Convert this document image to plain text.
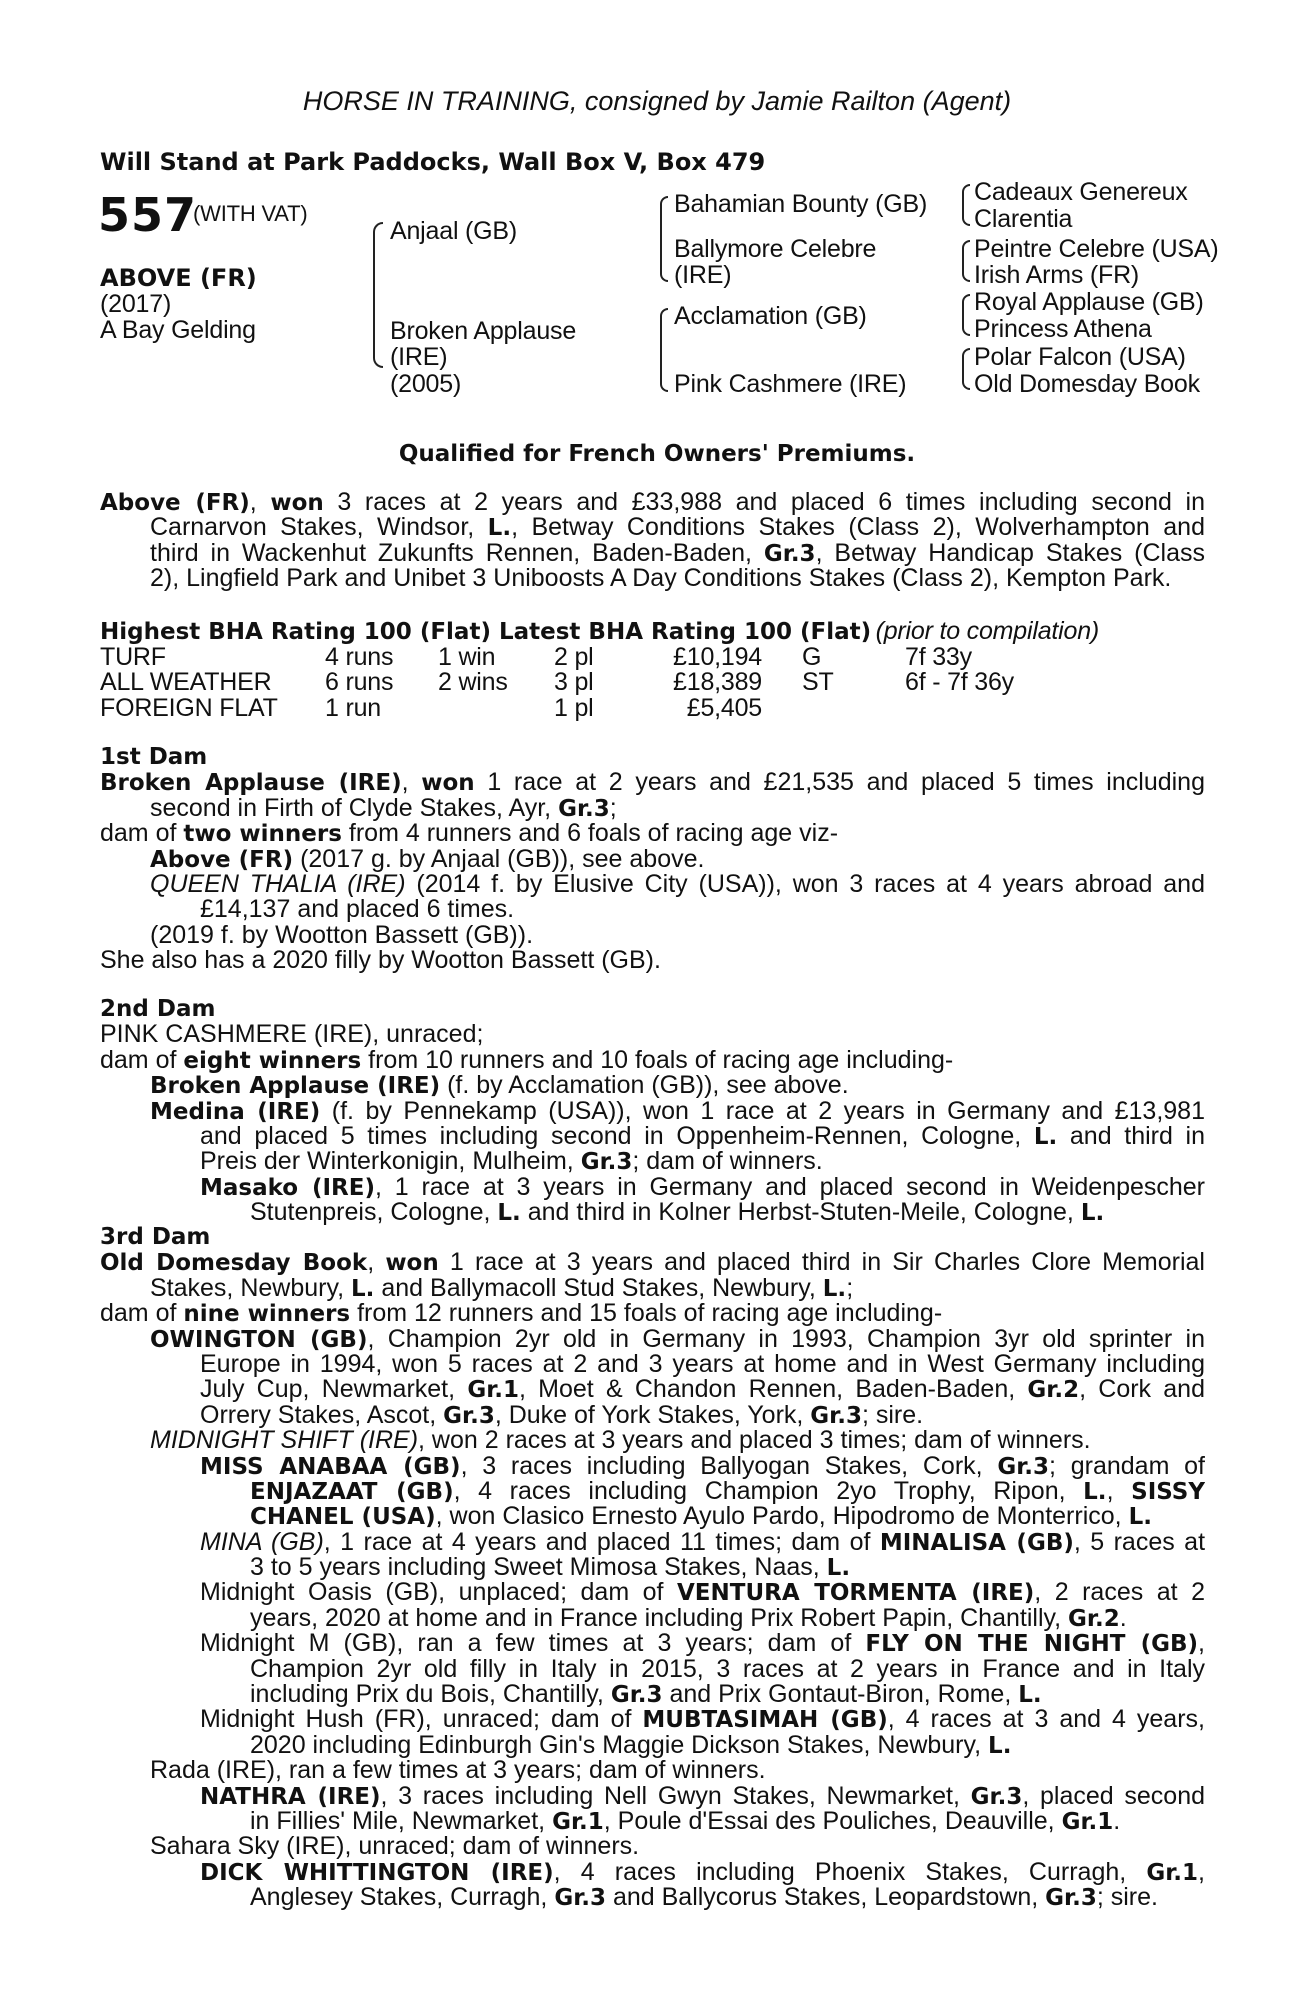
HORSE IN TRAINING, consigned by Jamie Railton (Agent)
Will Stand at Park Paddocks, Wall Box V, Box 479
557
(WITH VAT)
ABOVE (FR)
(2017)
A Bay Gelding
Anjaal (GB)
Broken Applause
(IRE)
(2005)
Bahamian Bounty (GB)
Ballymore Celebre
(IRE)
Acclamation (GB)
Pink Cashmere (IRE)
Cadeaux Genereux
Clarentia
Peintre Celebre (USA)
Irish Arms (FR)
Royal Applause (GB)
Princess Athena
Polar Falcon (USA)
Old Domesday Book
Qualified for French Owners' Premiums.
Above (FR), won 3 races at 2 years and £33,988 and placed 6 times including second in
Carnarvon Stakes, Windsor, L., Betway Conditions Stakes (Class 2), Wolverhampton and
third in Wackenhut Zukunfts Rennen, Baden-Baden, Gr.3, Betway Handicap Stakes (Class
2), Lingfield Park and Unibet 3 Uniboosts A Day Conditions Stakes (Class 2), Kempton Park.
Highest BHA Rating 100 (Flat) Latest BHA Rating 100 (Flat) (prior to compilation)
TURF	4 runs 1 win 2 pl	£10,194 G	7f 33y
ALL WEATHER 6 runs 2 wins 3 pl	£18,389 ST	6f - 7f 36y
FOREIGN FLAT 1 run	1 pl	£5,405
1st Dam
Broken Applause (IRE), won 1 race at 2 years and £21,535 and placed 5 times including
second in Firth of Clyde Stakes, Ayr, Gr.3;
dam of two winners from 4 runners and 6 foals of racing age viz-
Above (FR) (2017 g. by Anjaal (GB)), see above.
QUEEN THALIA (IRE) (2014 f. by Elusive City (USA)), won 3 races at 4 years abroad and
£14,137 and placed 6 times.
(2019 f. by Wootton Bassett (GB)).
She also has a 2020 filly by Wootton Bassett (GB).
2nd Dam
PINK CASHMERE (IRE), unraced;
dam of eight winners from 10 runners and 10 foals of racing age including-
Broken Applause (IRE) (f. by Acclamation (GB)), see above.
Medina (IRE) (f. by Pennekamp (USA)), won 1 race at 2 years in Germany and £13,981
and placed 5 times including second in Oppenheim-Rennen, Cologne, L. and third in
Preis der Winterkonigin, Mulheim, Gr.3; dam of winners.
Masako (IRE), 1 race at 3 years in Germany and placed second in Weidenpescher
Stutenpreis, Cologne, L. and third in Kolner Herbst-Stuten-Meile, Cologne, L.
3rd Dam
Old Domesday Book, won 1 race at 3 years and placed third in Sir Charles Clore Memorial
Stakes, Newbury, L. and Ballymacoll Stud Stakes, Newbury, L.;
dam of nine winners from 12 runners and 15 foals of racing age including-
OWINGTON (GB), Champion 2yr old in Germany in 1993, Champion 3yr old sprinter in
Europe in 1994, won 5 races at 2 and 3 years at home and in West Germany including
July Cup, Newmarket, Gr.1, Moet & Chandon Rennen, Baden-Baden, Gr.2, Cork and
Orrery Stakes, Ascot, Gr.3, Duke of York Stakes, York, Gr.3; sire.
MIDNIGHT SHIFT (IRE), won 2 races at 3 years and placed 3 times; dam of winners.
MISS ANABAA (GB), 3 races including Ballyogan Stakes, Cork, Gr.3; grandam of
ENJAZAAT (GB), 4 races including Champion 2yo Trophy, Ripon, L., SISSY
CHANEL (USA), won Clasico Ernesto Ayulo Pardo, Hipodromo de Monterrico, L.
MINA (GB), 1 race at 4 years and placed 11 times; dam of MINALISA (GB), 5 races at
3 to 5 years including Sweet Mimosa Stakes, Naas, L.
Midnight Oasis (GB), unplaced; dam of VENTURA TORMENTA (IRE), 2 races at 2
years, 2020 at home and in France including Prix Robert Papin, Chantilly, Gr.2.
Midnight M (GB), ran a few times at 3 years; dam of FLY ON THE NIGHT (GB),
Champion 2yr old filly in Italy in 2015, 3 races at 2 years in France and in Italy
including Prix du Bois, Chantilly, Gr.3 and Prix Gontaut-Biron, Rome, L.
Midnight Hush (FR), unraced; dam of MUBTASIMAH (GB), 4 races at 3 and 4 years,
2020 including Edinburgh Gin's Maggie Dickson Stakes, Newbury, L.
Rada (IRE), ran a few times at 3 years; dam of winners.
NATHRA (IRE), 3 races including Nell Gwyn Stakes, Newmarket, Gr.3, placed second
in Fillies' Mile, Newmarket, Gr.1, Poule d'Essai des Pouliches, Deauville, Gr.1.
Sahara Sky (IRE), unraced; dam of winners.
DICK WHITTINGTON (IRE), 4 races including Phoenix Stakes, Curragh, Gr.1,
Anglesey Stakes, Curragh, Gr.3 and Ballycorus Stakes, Leopardstown, Gr.3; sire.
